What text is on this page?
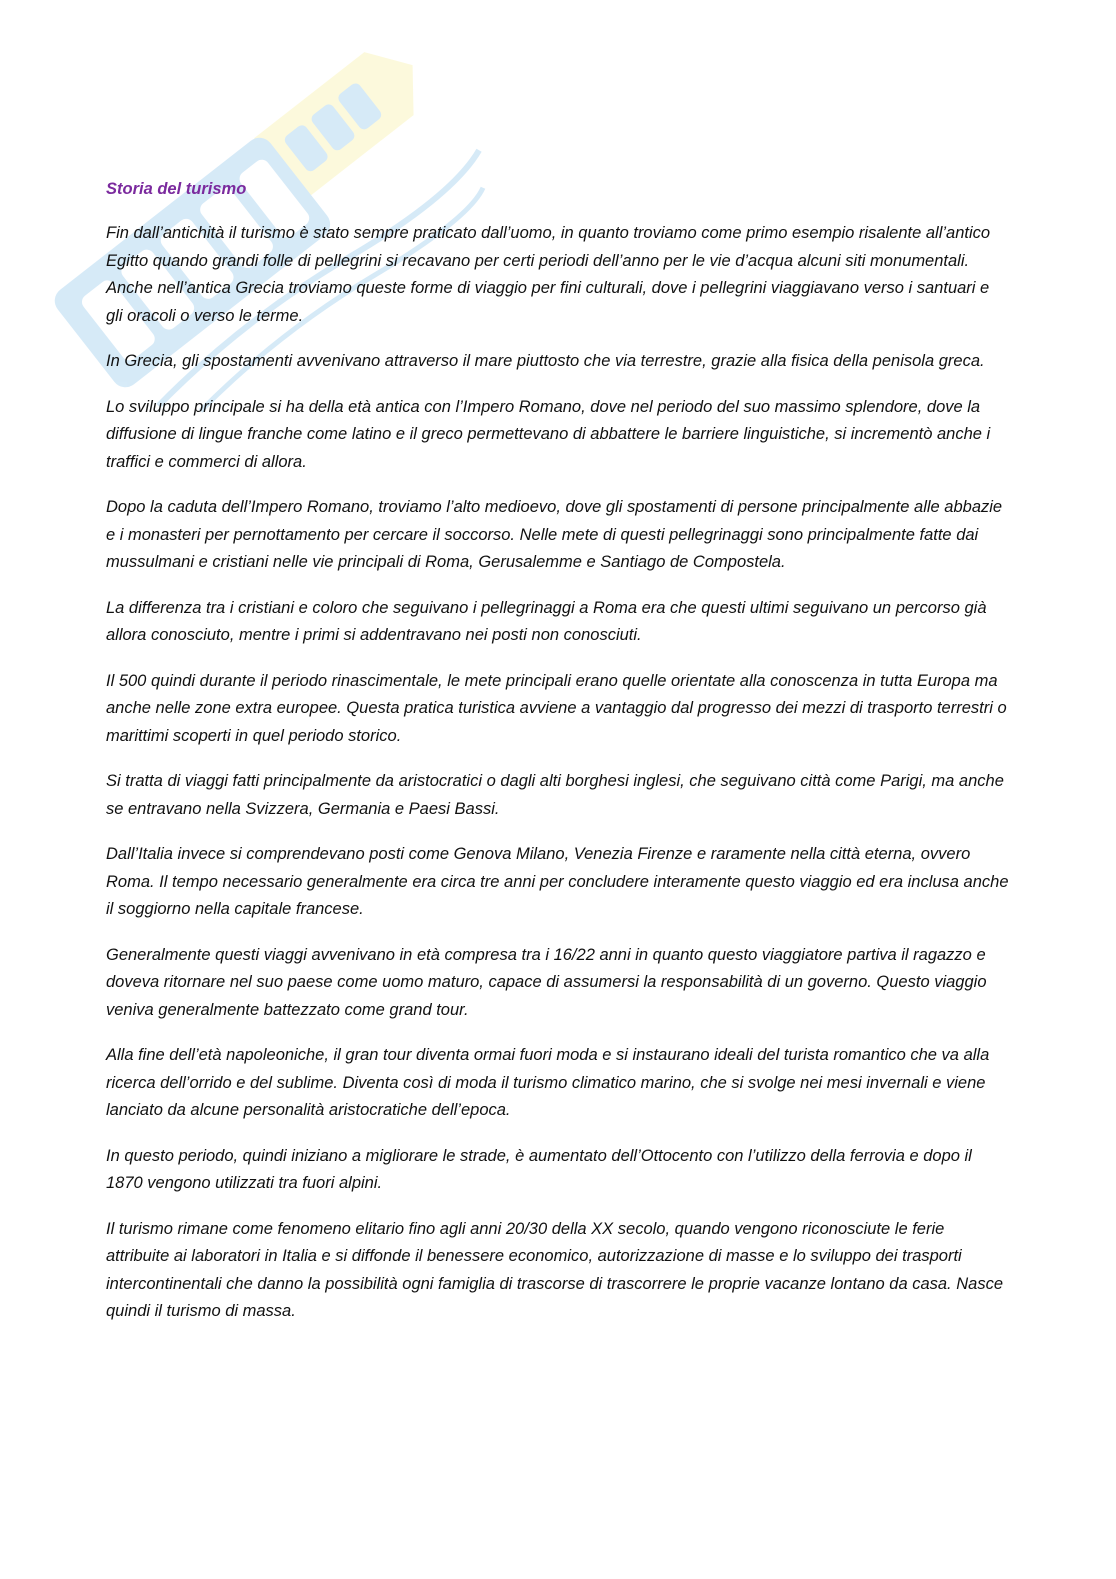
Storia del turismo

Fin dall’antichità il turismo è stato sempre praticato dall’uomo, in quanto troviamo come primo esempio risalente all’antico Egitto quando grandi folle di pellegrini si recavano per certi periodi dell’anno per le vie d’acqua alcuni siti monumentali. Anche nell’antica Grecia troviamo queste forme di viaggio per fini culturali, dove i pellegrini viaggiavano verso i santuari e gli oracoli o verso le terme.

In Grecia, gli spostamenti avvenivano attraverso il mare piuttosto che via terrestre, grazie alla fisica della penisola greca.

Lo sviluppo principale si ha della età antica con l’Impero Romano, dove nel periodo del suo massimo splendore, dove la diffusione di lingue franche come latino e il greco permettevano di abbattere le barriere linguistiche, si incrementò anche i traffici e commerci di allora.

Dopo la caduta dell’Impero Romano, troviamo l’alto medioevo, dove gli spostamenti di persone principalmente alle abbazie e i monasteri per pernottamento per cercare il soccorso. Nelle mete di questi pellegrinaggi sono principalmente fatte dai mussulmani e cristiani nelle vie principali di Roma, Gerusalemme e Santiago de Compostela.

La differenza tra i cristiani e coloro che seguivano i pellegrinaggi a Roma era che questi ultimi seguivano un percorso già allora conosciuto, mentre i primi si addentravano nei posti non conosciuti.

Il 500 quindi durante il periodo rinascimentale, le mete principali erano quelle orientate alla conoscenza in tutta Europa ma anche nelle zone extra europee. Questa pratica turistica avviene a vantaggio dal progresso dei mezzi di trasporto terrestri o marittimi scoperti in quel periodo storico.

Si tratta di viaggi fatti principalmente da aristocratici o dagli alti borghesi inglesi, che seguivano città come Parigi, ma anche se entravano nella Svizzera, Germania e Paesi Bassi.

Dall’Italia invece si comprendevano posti come Genova Milano, Venezia Firenze e raramente nella città eterna, ovvero Roma. Il tempo necessario generalmente era circa tre anni per concludere interamente questo viaggio ed era inclusa anche il soggiorno nella capitale francese.

Generalmente questi viaggi avvenivano in età compresa tra i 16/22 anni in quanto questo viaggiatore partiva il ragazzo e doveva ritornare nel suo paese come uomo maturo, capace di assumersi la responsabilità di un governo. Questo viaggio veniva generalmente battezzato come grand tour.

Alla fine dell’età napoleoniche, il gran tour diventa ormai fuori moda e si instaurano ideali del turista romantico che va alla ricerca dell’orrido e del sublime. Diventa così di moda il turismo climatico marino, che si svolge nei mesi invernali e viene lanciato da alcune personalità aristocratiche dell’epoca.

In questo periodo, quindi iniziano a migliorare le strade, è aumentato dell’Ottocento con l’utilizzo della ferrovia e dopo il 1870 vengono utilizzati tra fuori alpini.

Il turismo rimane come fenomeno elitario fino agli anni 20/30 della XX secolo, quando vengono riconosciute le ferie attribuite ai laboratori in Italia e si diffonde il benessere economico, autorizzazione di masse e lo sviluppo dei trasporti intercontinentali che danno la possibilità ogni famiglia di trascorse di trascorrere le proprie vacanze lontano da casa. Nasce quindi il turismo di massa.
